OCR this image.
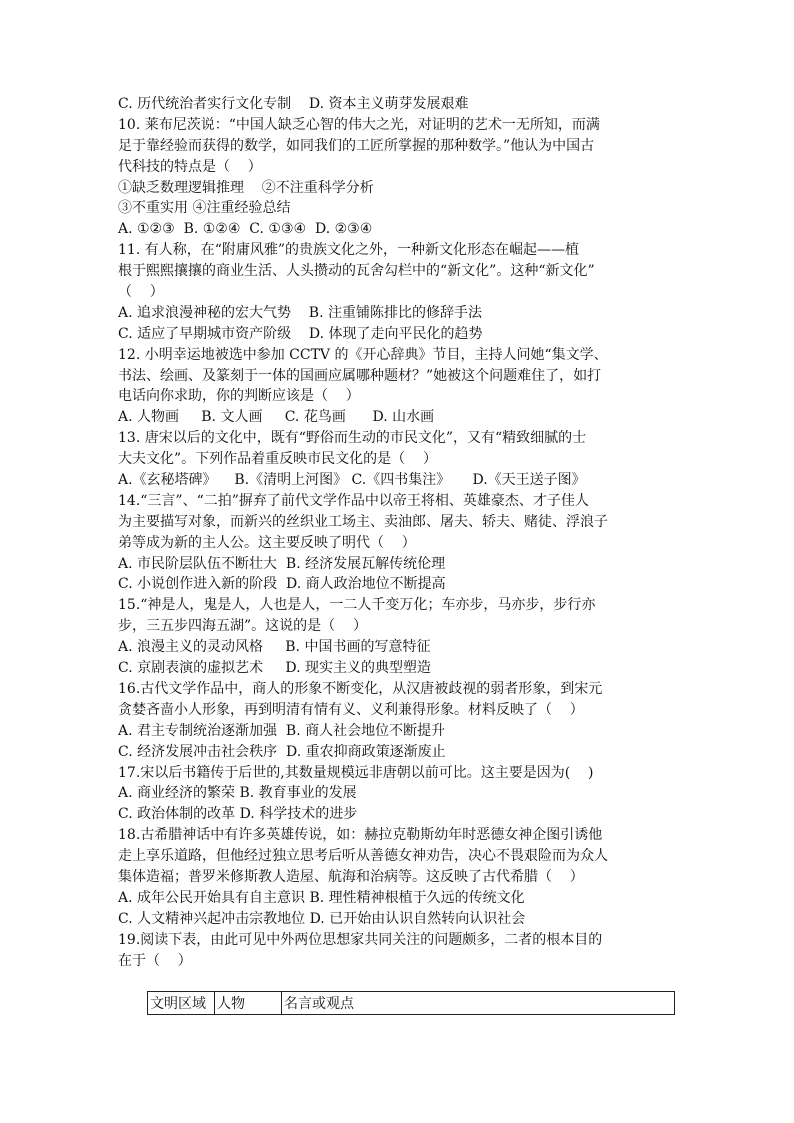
C. 历代统治者实行文化专制    D. 资本主义萌芽发展艰难
10. 莱布尼茨说：“中国人缺乏心智的伟大之光，对证明的艺术一无所知，而满
足于靠经验而获得的数学，如同我们的工匠所掌握的那种数学。”他认为中国古
代科技的特点是（    ）
①缺乏数理逻辑推理    ②不注重科学分析
③不重实用 ④注重经验总结
A. ①②③  B. ①②④  C. ①③④  D. ②③④
11. 有人称，在“附庸风雅”的贵族文化之外，一种新文化形态在崛起——植
根于熙熙攘攘的商业生活、人头攒动的瓦舍勾栏中的“新文化”。这种“新文化”
（    ）
A. 追求浪漫神秘的宏大气势    B. 注重铺陈排比的修辞手法
C. 适应了早期城市资产阶级    D. 体现了走向平民化的趋势
12. 小明幸运地被选中参加 CCTV 的《开心辞典》节目，主持人问她“集文学、
书法、绘画、及篆刻于一体的国画应属哪种题材？”她被这个问题难住了，如打
电话向你求助，你的判断应该是（    ）
A. 人物画     B. 文人画     C. 花鸟画      D. 山水画
13. 唐宋以后的文化中，既有“野俗而生动的市民文化”，又有“精致细腻的士
大夫文化”。下列作品着重反映市民文化的是（    ）
A.《玄秘塔碑》    B.《清明上河图》 C.《四书集注》     D.《天王送子图》
14.“三言”、“二拍”摒弃了前代文学作品中以帝王将相、英雄豪杰、才子佳人
为主要描写对象，而新兴的丝织业工场主、卖油郎、屠夫、轿夫、赌徒、浮浪子
弟等成为新的主人公。这主要反映了明代（    ）
A. 市民阶层队伍不断壮大  B. 经济发展瓦解传统伦理
C. 小说创作进入新的阶段  D. 商人政治地位不断提高
15.“神是人，鬼是人，人也是人，一二人千变万化；车亦步，马亦步，步行亦
步，三五步四海五湖”。这说的是（    ）
A. 浪漫主义的灵动风格     B. 中国书画的写意特征
C. 京剧表演的虚拟艺术     D. 现实主义的典型塑造
16.古代文学作品中，商人的形象不断变化，从汉唐被歧视的弱者形象，到宋元
贪婪吝啬小人形象，再到明清有情有义、义利兼得形象。材料反映了（    ）
A. 君主专制统治逐渐加强  B. 商人社会地位不断提升
C. 经济发展冲击社会秩序  D. 重农抑商政策逐渐废止
17.宋以后书籍传于后世的,其数量规模远非唐朝以前可比。这主要是因为(    )
A. 商业经济的繁荣 B. 教育事业的发展
C. 政治体制的改革 D. 科学技术的进步
18.古希腊神话中有许多英雄传说，如：赫拉克勒斯幼年时恶德女神企图引诱他
走上享乐道路，但他经过独立思考后听从善德女神劝告，决心不畏艰险而为众人
集体造福；普罗米修斯教人造屋、航海和治病等。这反映了古代希腊（    ）
A. 成年公民开始具有自主意识 B. 理性精神根植于久远的传统文化
C. 人文精神兴起冲击宗教地位 D. 已开始由认识自然转向认识社会
19.阅读下表，由此可见中外两位思想家共同关注的问题颇多，二者的根本目的
在于（    ）
文明区域	人物	名言或观点
